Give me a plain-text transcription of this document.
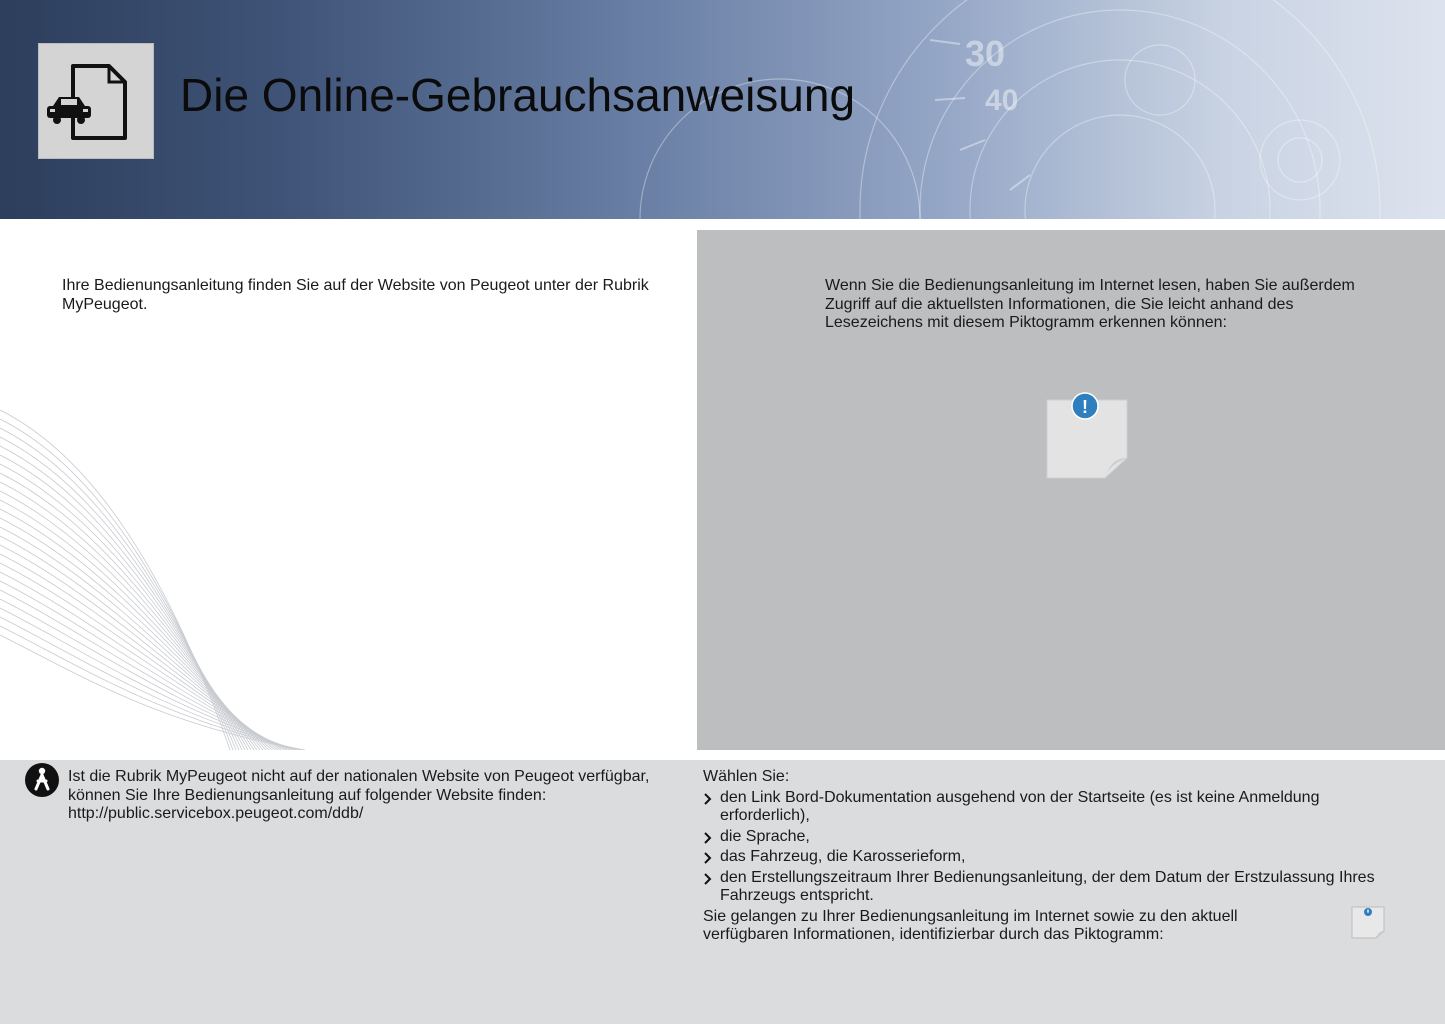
30
40
Die Online-Gebrauchsanweisung

Ihre Bedienungsanleitung finden Sie auf der Website von Peugeot unter der Rubrik MyPeugeot.

Wenn Sie die Bedienungsanleitung im Internet lesen, haben Sie außerdem Zugriff auf die aktuellsten Informationen, die Sie leicht anhand des Lesezeichens mit diesem Piktogramm erkennen können:

!

Ist die Rubrik MyPeugeot nicht auf der nationalen Website von Peugeot verfügbar, können Sie Ihre Bedienungsanleitung auf folgender Website finden: http://public.servicebox.peugeot.com/ddb/

Wählen Sie:

den Link Bord-Dokumentation ausgehend von der Startseite (es ist keine Anmeldung erforderlich),
die Sprache,
das Fahrzeug, die Karosserieform,
den Erstellungszeitraum Ihrer Bedienungsanleitung, der dem Datum der Erstzulassung Ihres Fahrzeugs entspricht.

Sie gelangen zu Ihrer Bedienungsanleitung im Internet sowie zu den aktuell verfügbaren Informationen, identifizierbar durch das Piktogramm:
